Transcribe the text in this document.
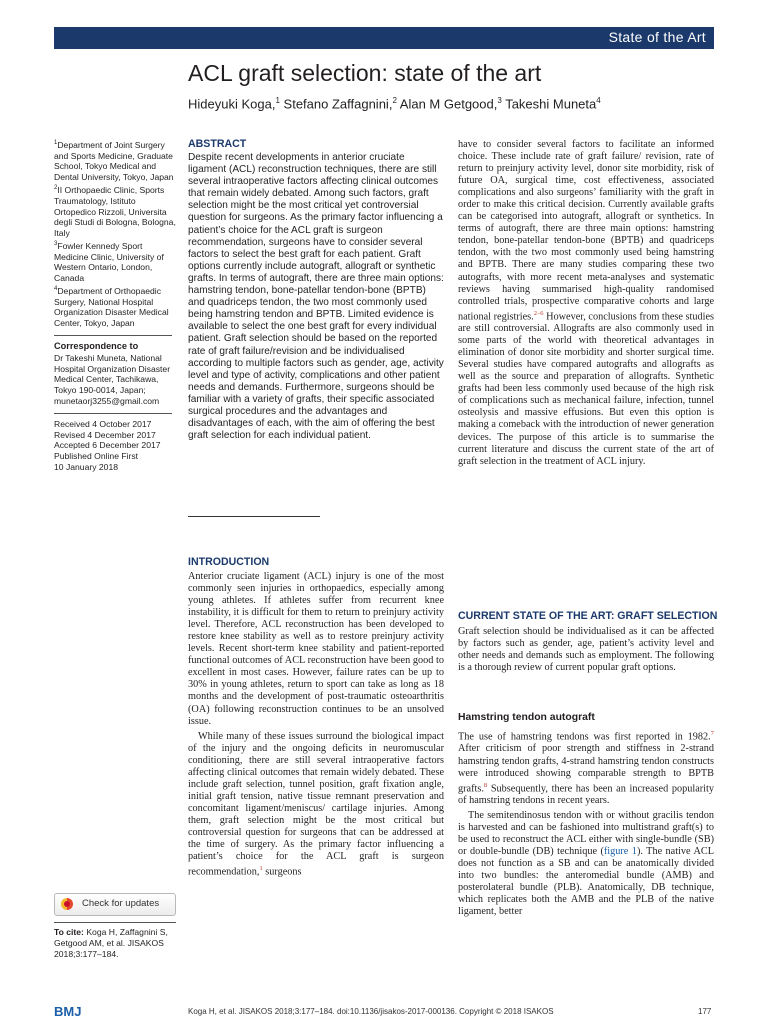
State of the Art
ACL graft selection: state of the art
Hideyuki Koga,$^1$ Stefano Zaffagnini,$^2$ Alan M Getgood,$^3$ Takeshi Muneta$^4$

$^1$Department of Joint Surgery and Sports Medicine, Graduate School, Tokyo Medical and Dental University, Tokyo, Japan

$^2$II Orthopaedic Clinic, Sports Traumatology, Istituto Ortopedico Rizzoli, Universita degli Studi di Bologna, Bologna, Italy

$^3$Fowler Kennedy Sport Medicine Clinic, University of Western Ontario, London, Canada

$^4$Department of Orthopaedic Surgery, National Hospital Organization Disaster Medical Center, Tokyo, Japan

Correspondence to
Dr Takeshi Muneta, National
Hospital Organization Disaster
Medical Center, Tachikawa,
Tokyo 190-0014, Japan;
munetaorj3255@gmail.com
Received 4 October 2017
Revised 4 December 2017
Accepted 6 December 2017
Published Online First
10 January 2018
ABSTRACT

Despite recent developments in anterior cruciate ligament (ACL) reconstruction techniques, there are still several intraoperative factors affecting clinical outcomes that remain widely debated. Among such factors, graft selection might be the most critical yet controversial question for surgeons. As the primary factor influencing a patient’s choice for the ACL graft is surgeon recommendation, surgeons have to consider several factors to select the best graft for each patient. Graft options currently include autograft, allograft or synthetic grafts. In terms of autograft, there are three main options: hamstring tendon, bone-patellar tendon-bone (BPTB) and quadriceps tendon, the two most commonly used being hamstring tendon and BPTB. Limited evidence is available to select the one best graft for every individual patient. Graft selection should be based on the reported rate of graft failure/revision and be individualised according to multiple factors such as gender, age, activity level and type of activity, complications and other patient needs and demands. Furthermore, surgeons should be familiar with a variety of grafts, their specific associated surgical procedures and the advantages and disadvantages of each, with the aim of offering the best graft selection for each individual patient.

INTRODUCTION

Anterior cruciate ligament (ACL) injury is one of the most commonly seen injuries in orthopaedics, especially among young athletes. If athletes suffer from recurrent knee instability, it is difficult for them to return to preinjury activity level. Therefore, ACL reconstruction has been developed to restore knee stability as well as to restore preinjury activity levels. Recent short-term knee stability and patient-reported functional outcomes of ACL reconstruction have been good to excellent in most cases. However, failure rates can be up to 30% in young athletes, return to sport can take as long as 18 months and the development of post-traumatic osteoarthritis (OA) following reconstruction continues to be an unsolved issue.

While many of these issues surround the biological impact of the injury and the ongoing deficits in neuromuscular conditioning, there are still several intraoperative factors affecting clinical outcomes that remain widely debated. These include graft selection, tunnel position, graft fixation angle, initial graft tension, native tissue remnant preservation and concomitant ligament/meniscus/ cartilage injuries. Among them, graft selection might be the most critical but controversial question for surgeons that can be addressed at the time of surgery. As the primary factor influencing a patient’s choice for the ACL graft is surgeon recommendation,$^1$ surgeons

have to consider several factors to facilitate an informed choice. These include rate of graft failure/ revision, rate of return to preinjury activity level, donor site morbidity, risk of future OA, surgical time, cost effectiveness, associated complications and also surgeons’ familiarity with the graft in order to make this critical decision. Currently available grafts can be categorised into autograft, allograft or synthetics. In terms of autograft, there are three main options: hamstring tendon, bone-patellar tendon-bone (BPTB) and quadriceps tendon, with the two most commonly used being hamstring and BPTB. There are many studies comparing these two autografts, with more recent meta-analyses and systematic reviews having summarised high-quality randomised controlled trials, prospective comparative cohorts and large national registries.$^{2-6}$ However, conclusions from these studies are still controversial. Allografts are also commonly used in some parts of the world with theoretical advantages in elimination of donor site morbidity and shorter surgical time. Several studies have compared autografts and allografts as well as the source and preparation of allografts. Synthetic grafts had been less commonly used because of the high risk of complications such as mechanical failure, infection, tunnel osteolysis and massive effusions. But even this option is making a comeback with the introduction of newer generation devices. The purpose of this article is to summarise the current literature and discuss the current state of the art of graft selection in the treatment of ACL injury.

CURRENT STATE OF THE ART: GRAFT SELECTION

Graft selection should be individualised as it can be affected by factors such as gender, age, patient’s activity level and other needs and demands such as employment. The following is a thorough review of current popular graft options.

Hamstring tendon autograft

The use of hamstring tendons was first reported in 1982.$^7$ After criticism of poor strength and stiffness in 2-strand hamstring tendon grafts, 4-strand hamstring tendon constructs were introduced showing comparable strength to BPTB grafts.$^8$ Subsequently, there has been an increased popularity of hamstring tendons in recent years.

The semitendinosus tendon with or without gracilis tendon is harvested and can be fashioned into multistrand graft(s) to be used to reconstruct the ACL either with single-bundle (SB) or double-bundle (DB) technique (figure 1). The native ACL does not function as a SB and can be anatomically divided into two bundles: the anteromedial bundle (AMB) and posterolateral bundle (PLB). Anatomically, DB technique, which replicates both the AMB and the PLB of the native ligament, better

Check for updates
To cite: Koga H, Zaffagnini S, Getgood AM, et al. JISAKOS 2018;3:177–184.
BMJ	Koga H, et al. JISAKOS 2018;3:177–184. doi:10.1136/jisakos-2017-000136. Copyright © 2018 ISAKOS	177
